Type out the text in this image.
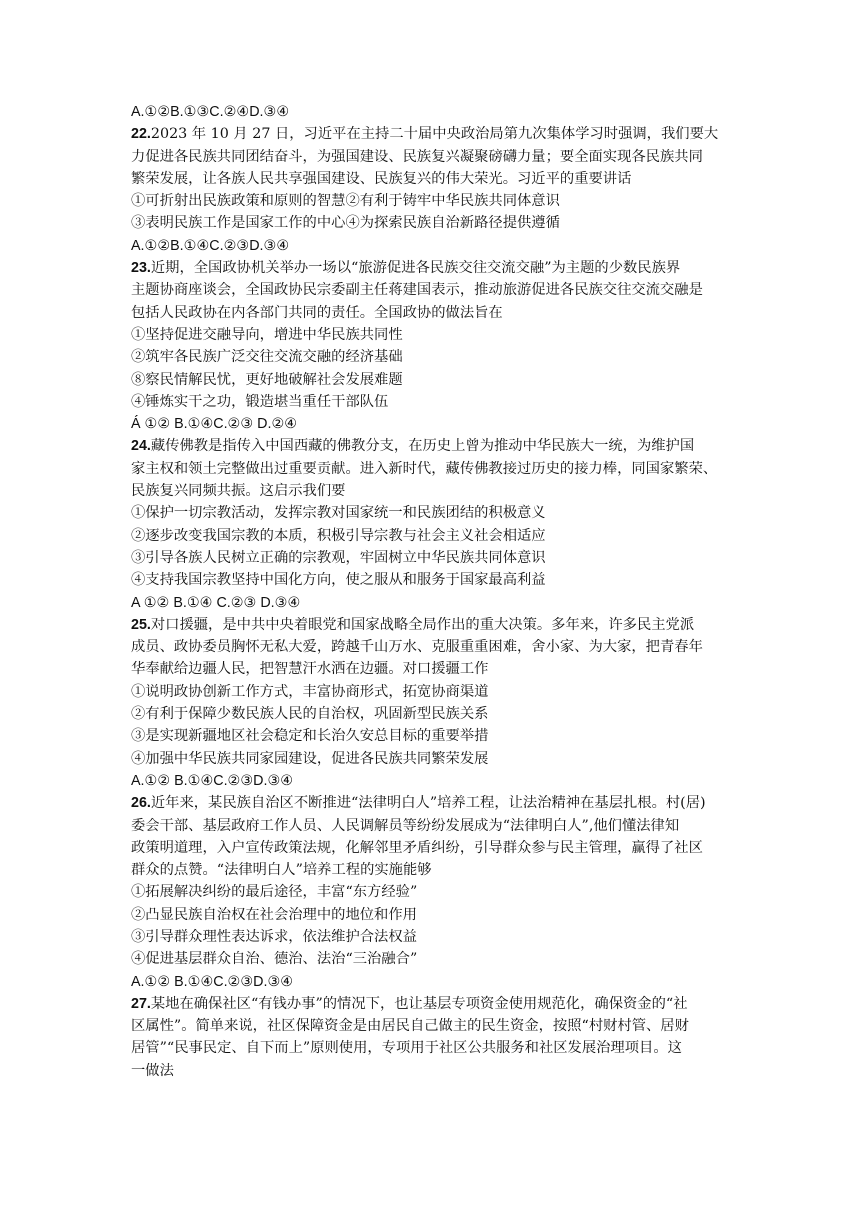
A.①②B.①③C.②④D.③④
22.2023 年 10 月 27 日，习近平在主持二十届中央政治局第九次集体学习时强调，我们要大
力促进各民族共同团结奋斗，为强国建设、民族复兴凝聚磅礴力量；要全面实现各民族共同
繁荣发展，让各族人民共享强国建设、民族复兴的伟大荣光。习近平的重要讲话
①可折射出民族政策和原则的智慧②有利于铸牢中华民族共同体意识
③表明民族工作是国家工作的中心④为探索民族自治新路径提供遵循
A.①②B.①④C.②③D.③④
23.近期，全国政协机关举办一场以“旅游促进各民族交往交流交融”为主题的少数民族界
主题协商座谈会，全国政协民宗委副主任蒋建国表示，推动旅游促进各民族交往交流交融是
包括人民政协在内各部门共同的责任。全国政协的做法旨在
①坚持促进交融导向，增进中华民族共同性
②筑牢各民族广泛交往交流交融的经济基础
⑧察民情解民忧，更好地破解社会发展难题
④锤炼实干之功，锻造堪当重任干部队伍
Á ①② B.①④C.②③ D.②④
24.藏传佛教是指传入中国西藏的佛教分支，在历史上曾为推动中华民族大一统，为维护国
家主权和领土完整做出过重要贡献。进入新时代，藏传佛教接过历史的接力棒，同国家繁荣、
民族复兴同频共振。这启示我们要
①保护一切宗教活动，发挥宗教对国家统一和民族团结的积极意义
②逐步改变我国宗教的本质，积极引导宗教与社会主义社会相适应
③引导各族人民树立正确的宗教观，牢固树立中华民族共同体意识
④支持我国宗教坚持中国化方向，使之服从和服务于国家最高利益
A ①② B.①④ C.②③ D.③④
25.对口援疆，是中共中央着眼党和国家战略全局作出的重大决策。多年来，许多民主党派
成员、政协委员胸怀无私大爱，跨越千山万水、克服重重困难，舍小家、为大家，把青春年
华奉献给边疆人民，把智慧汗水洒在边疆。对口援疆工作
①说明政协创新工作方式，丰富协商形式，拓宽协商渠道
②有利于保障少数民族人民的自治权，巩固新型民族关系
③是实现新疆地区社会稳定和长治久安总目标的重要举措
④加强中华民族共同家园建设，促进各民族共同繁荣发展
A.①② B.①④C.②③D.③④
26.近年来，某民族自治区不断推进“法律明白人”培养工程，让法治精神在基层扎根。村(居)
委会干部、基层政府工作人员、人民调解员等纷纷发展成为“法律明白人”,他们懂法律知
政策明道理，入户宣传政策法规，化解邻里矛盾纠纷，引导群众参与民主管理，赢得了社区
群众的点赞。“法律明白人”培养工程的实施能够
①拓展解决纠纷的最后途径，丰富“东方经验”
②凸显民族自治权在社会治理中的地位和作用
③引导群众理性表达诉求，依法维护合法权益
④促进基层群众自治、德治、法治“三治融合”
A.①② B.①④C.②③D.③④
27.某地在确保社区“有钱办事”的情况下，也让基层专项资金使用规范化，确保资金的“社
区属性”。简单来说，社区保障资金是由居民自己做主的民生资金，按照“村财村管、居财
居管”“民事民定、自下而上”原则使用，专项用于社区公共服务和社区发展治理项目。这
一做法
